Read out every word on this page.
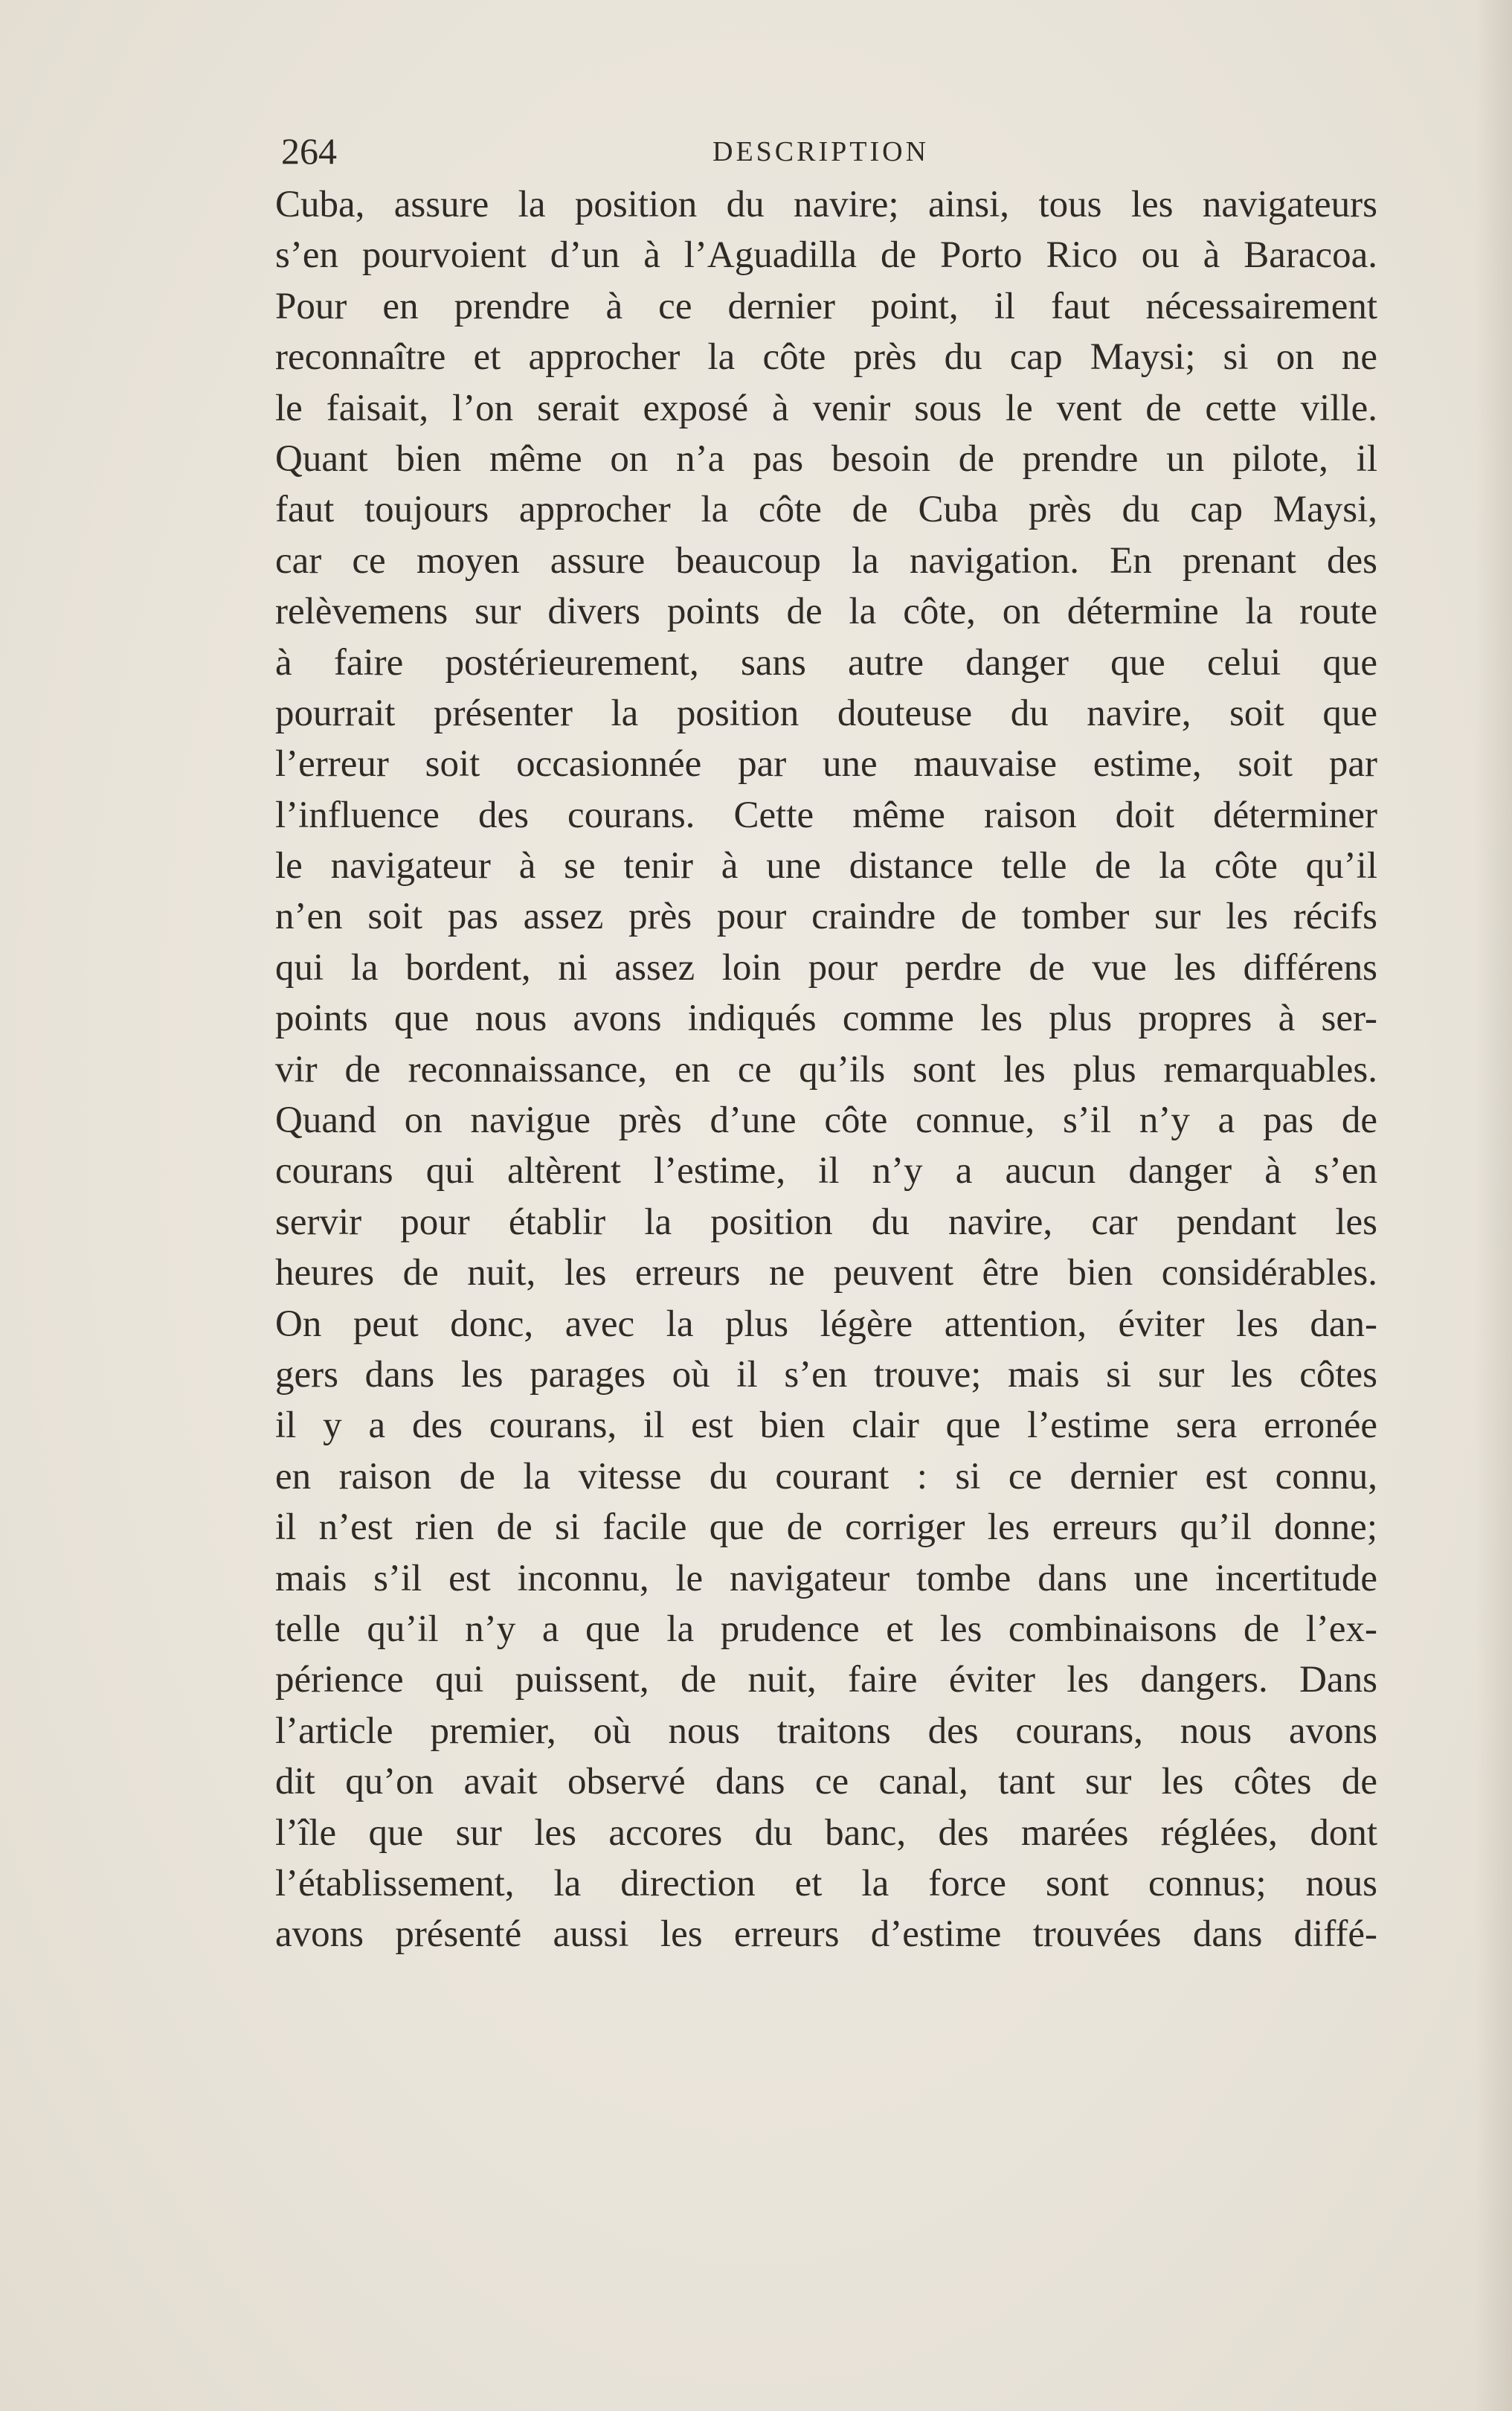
264	DESCRIPTION
Cuba, assure la position du navire; ainsi, tous les navigateurs
s’en pourvoient d’un à l’Aguadilla de Porto Rico ou à Baracoa.
Pour en prendre à ce dernier point, il faut nécessairement
reconnaître et approcher la côte près du cap Maysi; si on ne
le faisait, l’on serait exposé à venir sous le vent de cette ville.
Quant bien même on n’a pas besoin de prendre un pilote, il
faut toujours approcher la côte de Cuba près du cap Maysi,
car ce moyen assure beaucoup la navigation. En prenant des
relèvemens sur divers points de la côte, on détermine la route
à faire postérieurement, sans autre danger que celui que
pourrait présenter la position douteuse du navire, soit que
l’erreur soit occasionnée par une mauvaise estime, soit par
l’influence des courans. Cette même raison doit déterminer
le navigateur à se tenir à une distance telle de la côte qu’il
n’en soit pas assez près pour craindre de tomber sur les récifs
qui la bordent, ni assez loin pour perdre de vue les différens
points que nous avons indiqués comme les plus propres à ser-
vir de reconnaissance, en ce qu’ils sont les plus remarquables.
Quand on navigue près d’une côte connue, s’il n’y a pas de
courans qui altèrent l’estime, il n’y a aucun danger à s’en
servir pour établir la position du navire, car pendant les
heures de nuit, les erreurs ne peuvent être bien considérables.
On peut donc, avec la plus légère attention, éviter les dan-
gers dans les parages où il s’en trouve; mais si sur les côtes
il y a des courans, il est bien clair que l’estime sera erronée
en raison de la vitesse du courant : si ce dernier est connu,
il n’est rien de si facile que de corriger les erreurs qu’il donne;
mais s’il est inconnu, le navigateur tombe dans une incertitude
telle qu’il n’y a que la prudence et les combinaisons de l’ex-
périence qui puissent, de nuit, faire éviter les dangers. Dans
l’article premier, où nous traitons des courans, nous avons
dit qu’on avait observé dans ce canal, tant sur les côtes de
l’île que sur les accores du banc, des marées réglées, dont
l’établissement, la direction et la force sont connus; nous
avons présenté aussi les erreurs d’estime trouvées dans diffé-
